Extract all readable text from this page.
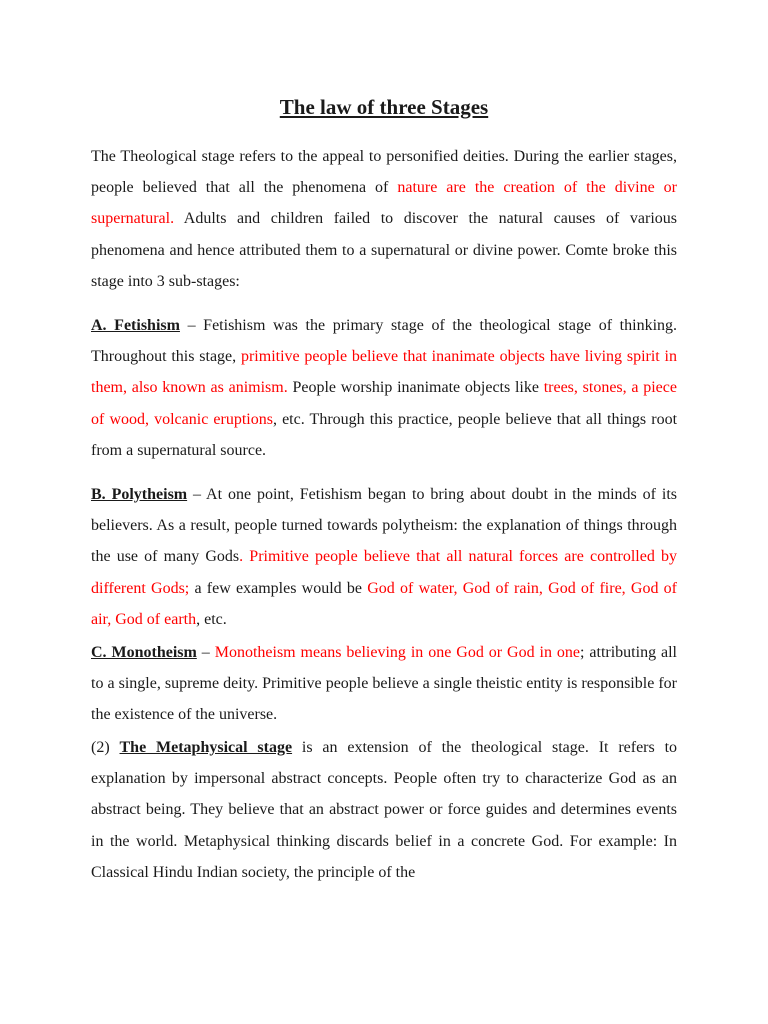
The law of three Stages

The Theological stage refers to the appeal to personified deities. During the earlier stages, people believed that all the phenomena of nature are the creation of the divine or supernatural. Adults and children failed to discover the natural causes of various phenomena and hence attributed them to a supernatural or divine power. Comte broke this stage into 3 sub-stages:

A. Fetishism – Fetishism was the primary stage of the theological stage of thinking. Throughout this stage, primitive people believe that inanimate objects have living spirit in them, also known as animism. People worship inanimate objects like trees, stones, a piece of wood, volcanic eruptions, etc. Through this practice, people believe that all things root from a supernatural source.

B. Polytheism – At one point, Fetishism began to bring about doubt in the minds of its believers. As a result, people turned towards polytheism: the explanation of things through the use of many Gods. Primitive people believe that all natural forces are controlled by different Gods; a few examples would be God of water, God of rain, God of fire, God of air, God of earth, etc.

C. Monotheism – Monotheism means believing in one God or God in one; attributing all to a single, supreme deity. Primitive people believe a single theistic entity is responsible for the existence of the universe.

(2) The Metaphysical stage is an extension of the theological stage. It refers to explanation by impersonal abstract concepts. People often try to characterize God as an abstract being. They believe that an abstract power or force guides and determines events in the world. Metaphysical thinking discards belief in a concrete God. For example: In Classical Hindu Indian society, the principle of the
